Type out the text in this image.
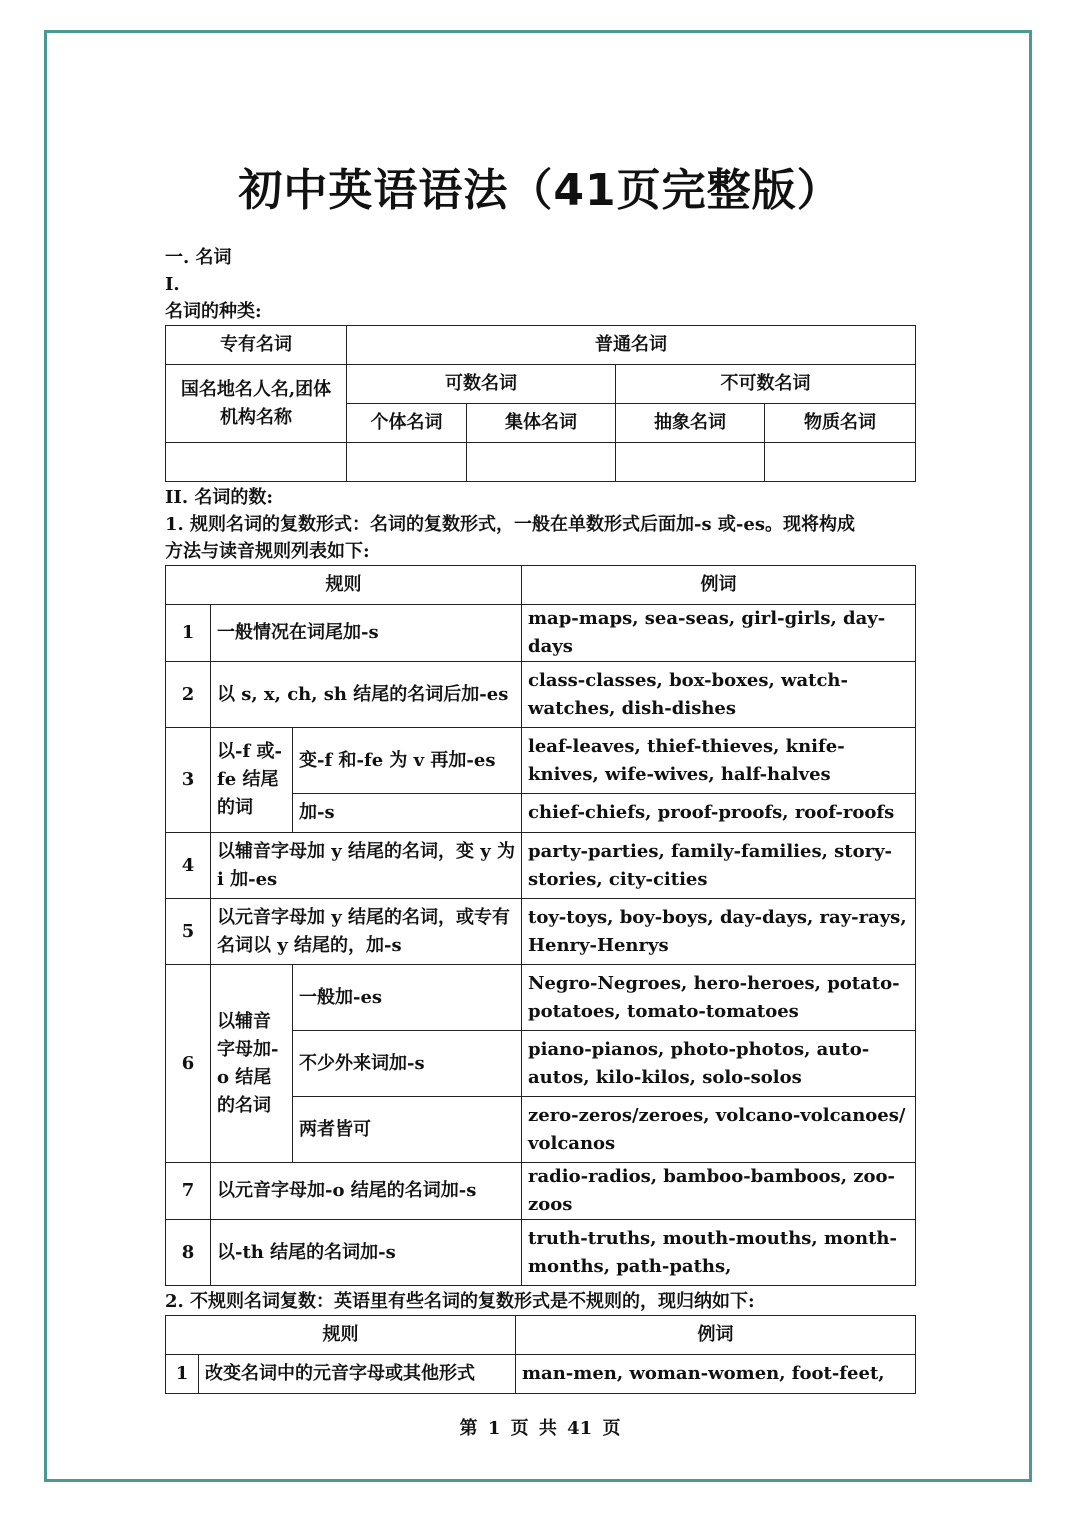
初中英语语法（41页完整版）
一. 名词
I.
名词的种类:
专有名词	普通名词			
国名地名人名,团体机构名称	可数名词		不可数名词	
	个体名词	集体名词	抽象名词	物质名词

II. 名词的数:
1. 规则名词的复数形式：名词的复数形式，一般在单数形式后面加-s 或-es。现将构成
方法与读音规则列表如下:
规则			例词
1	一般情况在词尾加-s		map-maps, sea-seas, girl-girls, day-days
2	以 s, x, ch, sh 结尾的名词后加-es		class-classes, box-boxes, watch-watches, dish-dishes
3	以-f 或-fe 结尾的词	变-f 和-fe 为 v 再加-es	leaf-leaves, thief-thieves, knife-knives, wife-wives, half-halves
		加-s	chief-chiefs, proof-proofs, roof-roofs
4	以辅音字母加 y 结尾的名词，变 y 为 i 加-es		party-parties, family-families, story-stories, city-cities
5	以元音字母加 y 结尾的名词，或专有名词以 y 结尾的，加-s		toy-toys, boy-boys, day-days, ray-rays, Henry-Henrys
6	以辅音字母加-o 结尾的名词	一般加-es	Negro-Negroes, hero-heroes, potato-potatoes, tomato-tomatoes
		不少外来词加-s	piano-pianos, photo-photos, auto-autos, kilo-kilos, solo-solos
		两者皆可	zero-zeros/zeroes, volcano-volcanoes/ volcanos
7	以元音字母加-o 结尾的名词加-s		radio-radios, bamboo-bamboos, zoo-zoos
8	以-th 结尾的名词加-s		truth-truths, mouth-mouths, month-months, path-paths,
2. 不规则名词复数：英语里有些名词的复数形式是不规则的，现归纳如下:
规则		例词
1	改变名词中的元音字母或其他形式	man-men, woman-women, foot-feet,
第 1 页 共 41 页
